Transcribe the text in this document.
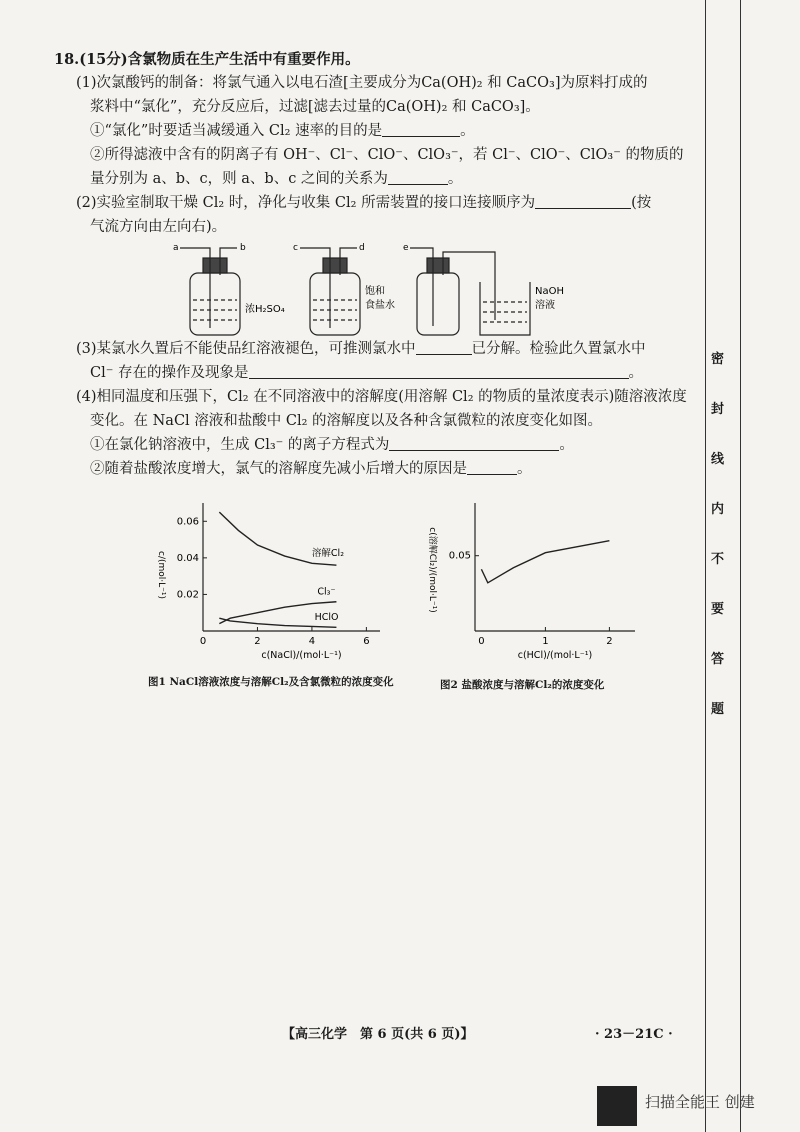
18.(15分)含氯物质在生产生活中有重要作用。
(1)次氯酸钙的制备：将氯气通入以电石渣[主要成分为Ca(OH)₂ 和 CaCO₃]为原料打成的
浆料中“氯化”，充分反应后，过滤[滤去过量的Ca(OH)₂ 和 CaCO₃]。
①“氯化”时要适当减缓通入 Cl₂ 速率的目的是	。
②所得滤液中含有的阴离子有 OH⁻、Cl⁻、ClO⁻、ClO₃⁻，若 Cl⁻、ClO⁻、ClO₃⁻ 的物质的
量分别为 a、b、c，则 a、b、c 之间的关系为	。
(2)实验室制取干燥 Cl₂ 时，净化与收集 Cl₂ 所需装置的接口连接顺序为	(按
气流方向由左向右)。
a	b	c	d	e
浓H₂SO₄
饱和
食盐水
NaOH
溶液
(3)某氯水久置后不能使品红溶液褪色，可推测氯水中	已分解。检验此久置氯水中
Cl⁻ 存在的操作及现象是	。
(4)相同温度和压强下，Cl₂ 在不同溶液中的溶解度(用溶解 Cl₂ 的物质的量浓度表示)随溶液浓度
变化。在 NaCl 溶液和盐酸中 Cl₂ 的溶解度以及各种含氯微粒的浓度变化如图。
①在氯化钠溶液中，生成 Cl₃⁻ 的离子方程式为	。
②随着盐酸浓度增大，氯气的溶解度先减小后增大的原因是	。
c/(mol·L⁻¹)
0	2	4	6
0.02
0.04
0.06
c(NaCl)/(mol·L⁻¹)
溶解Cl₂
Cl₃⁻
HClO
图1 NaCl溶液浓度与溶解Cl₂及含氯微粒的浓度变化
c(溶解Cl₂)/(mol·L⁻¹)
0	1	2
0.05
c(HCl)/(mol·L⁻¹)
图2 盐酸浓度与溶解Cl₂的浓度变化
密
封
线
内
不
要
答
题
【高三化学　第 6 页(共 6 页)】	· 23－21C ·
扫描全能王 创建
